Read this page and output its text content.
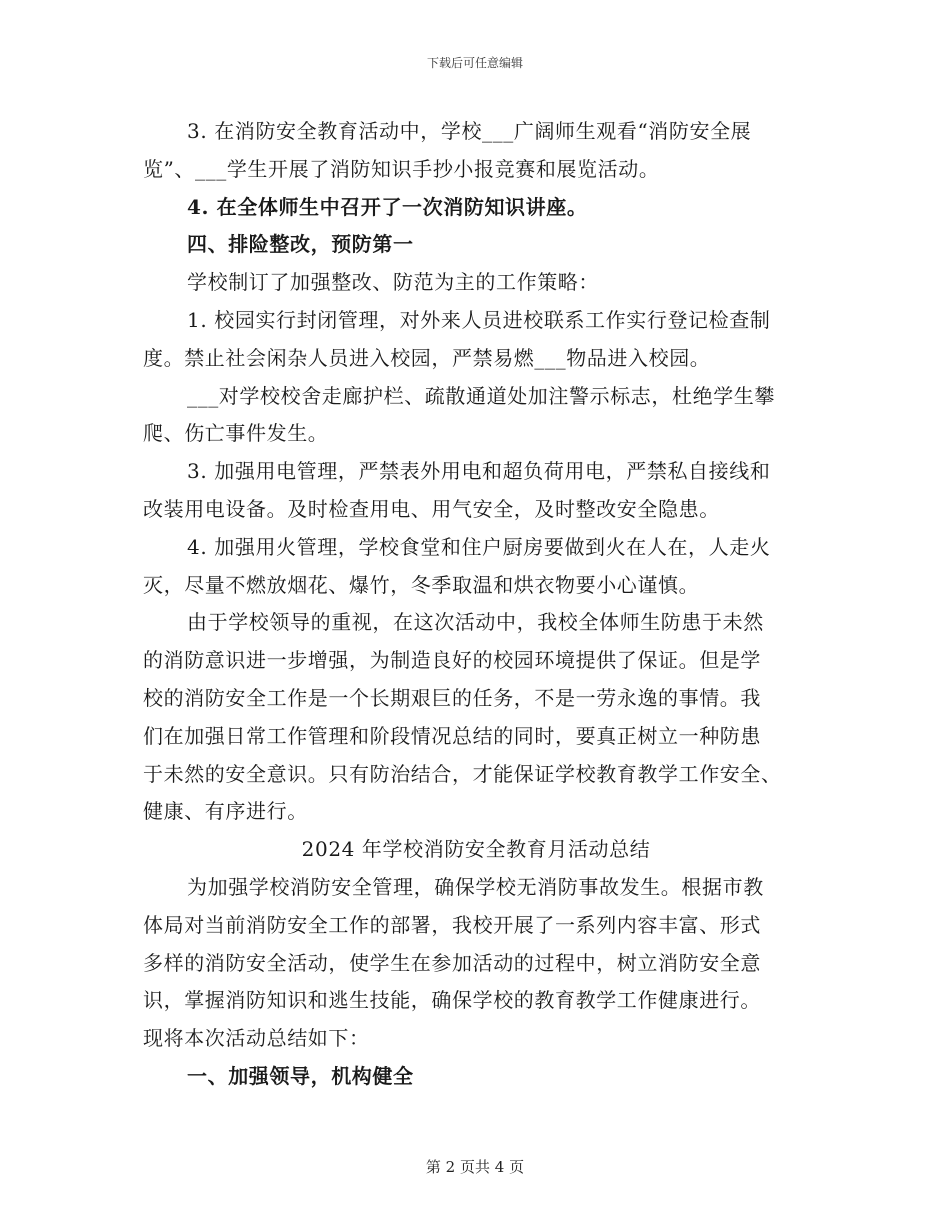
下载后可任意编辑
3. 在消防安全教育活动中，学校___广阔师生观看“消防安全展
览”、___学生开展了消防知识手抄小报竞赛和展览活动。
4. 在全体师生中召开了一次消防知识讲座。
四、排险整改，预防第一
学校制订了加强整改、防范为主的工作策略：
1. 校园实行封闭管理，对外来人员进校联系工作实行登记检查制
度。禁止社会闲杂人员进入校园，严禁易燃___物品进入校园。
___对学校校舍走廊护栏、疏散通道处加注警示标志，杜绝学生攀
爬、伤亡事件发生。
3. 加强用电管理，严禁表外用电和超负荷用电，严禁私自接线和
改装用电设备。及时检查用电、用气安全，及时整改安全隐患。
4. 加强用火管理，学校食堂和住户厨房要做到火在人在，人走火
灭，尽量不燃放烟花、爆竹，冬季取温和烘衣物要小心谨慎。
由于学校领导的重视，在这次活动中，我校全体师生防患于未然
的消防意识进一步增强，为制造良好的校园环境提供了保证。但是学
校的消防安全工作是一个长期艰巨的任务，不是一劳永逸的事情。我
们在加强日常工作管理和阶段情况总结的同时，要真正树立一种防患
于未然的安全意识。只有防治结合，才能保证学校教育教学工作安全、
健康、有序进行。
2024 年学校消防安全教育月活动总结
为加强学校消防安全管理，确保学校无消防事故发生。根据市教
体局对当前消防安全工作的部署，我校开展了一系列内容丰富、形式
多样的消防安全活动，使学生在参加活动的过程中，树立消防安全意
识，掌握消防知识和逃生技能，确保学校的教育教学工作健康进行。
现将本次活动总结如下：
一、加强领导，机构健全
第 2 页共 4 页
